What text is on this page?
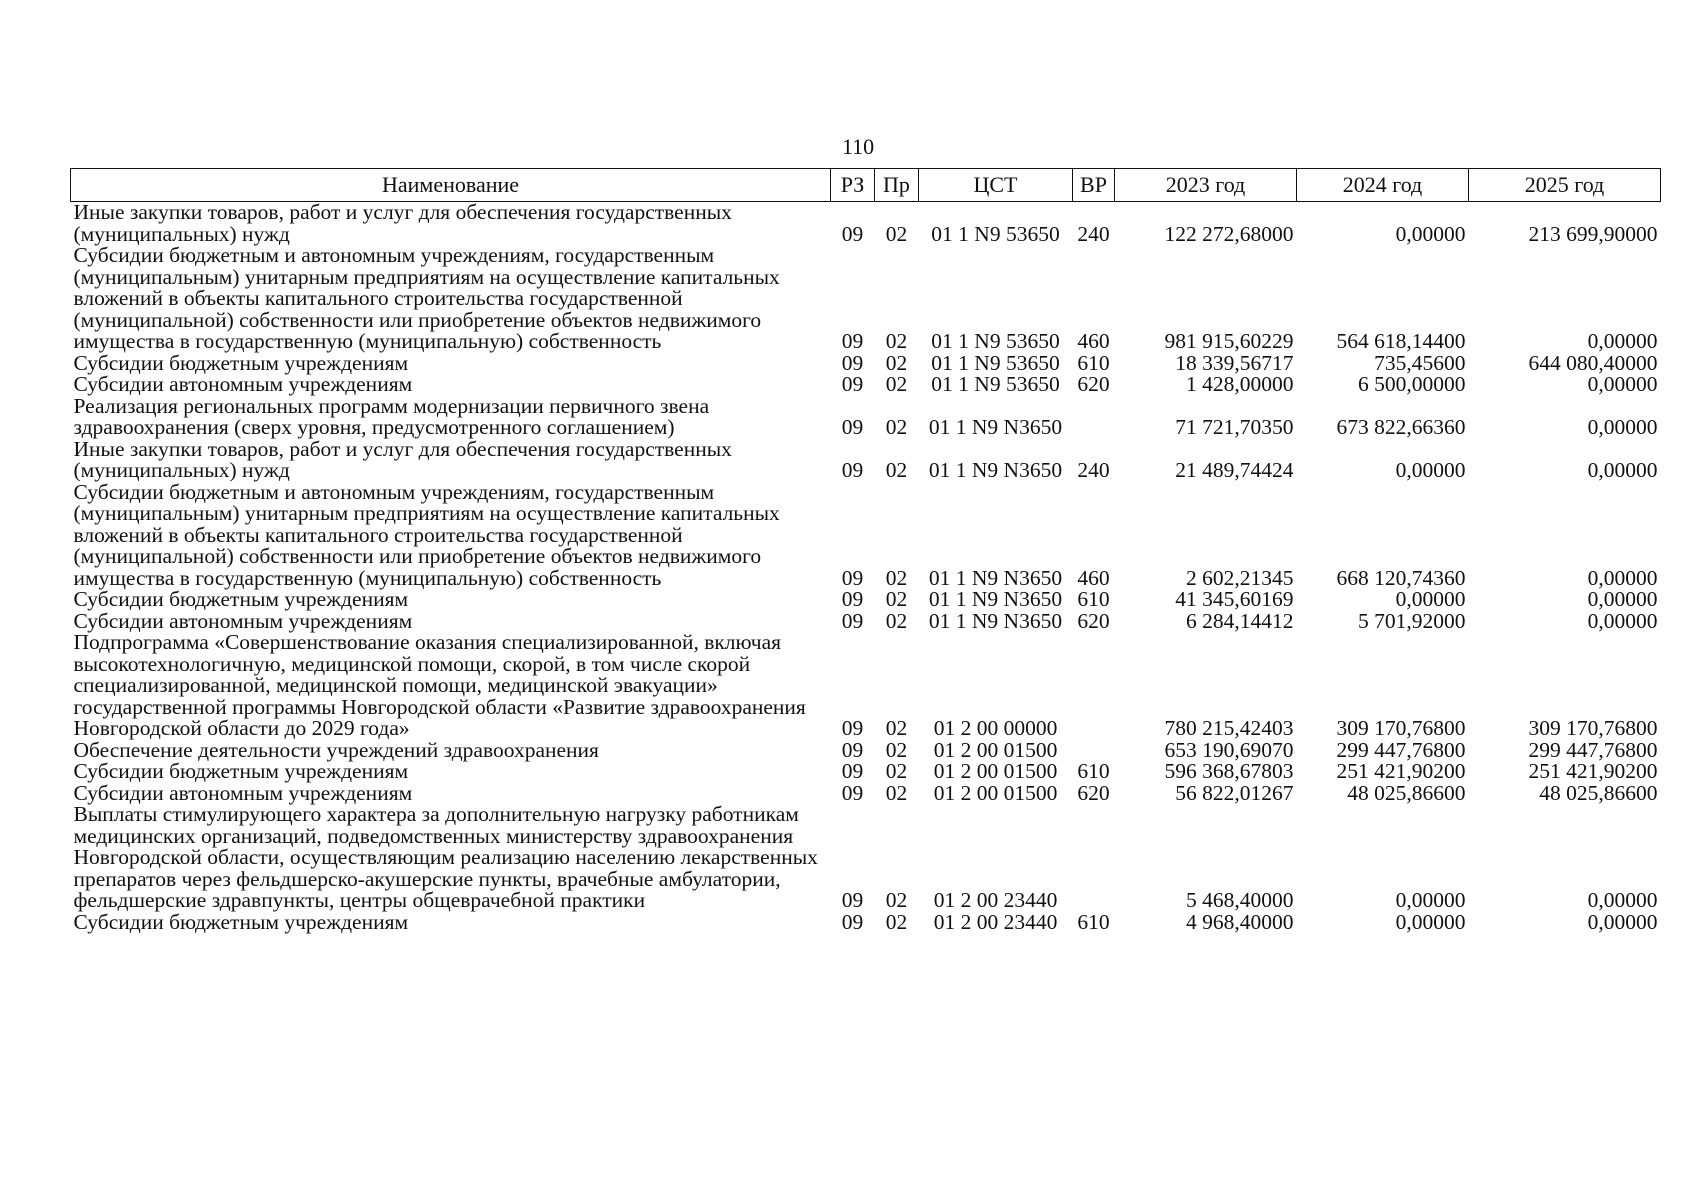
110
Наименование	РЗ	Пр	ЦСТ	ВР	2023 год	2024 год	2025 год
Иные закупки товаров, работ и услуг для обеспечения государственных (муниципальных) нужд	09	02	01 1 N9 53650	240	122 272,68000	0,00000	213 699,90000
Субсидии бюджетным и автономным учреждениям, государственным (муниципальным) унитарным предприятиям на осуществление капитальных вложений в объекты капитального строительства государственной (муниципальной) собственности или приобретение объектов недвижимого имущества в государственную (муниципальную) собственность	09	02	01 1 N9 53650	460	981 915,60229	564 618,14400	0,00000
Субсидии бюджетным учреждениям	09	02	01 1 N9 53650	610	18 339,56717	735,45600	644 080,40000
Субсидии автономным учреждениям	09	02	01 1 N9 53650	620	1 428,00000	6 500,00000	0,00000
Реализация региональных программ модернизации первичного звена здравоохранения (сверх уровня, предусмотренного соглашением)	09	02	01 1 N9 N3650		71 721,70350	673 822,66360	0,00000
Иные закупки товаров, работ и услуг для обеспечения государственных (муниципальных) нужд	09	02	01 1 N9 N3650	240	21 489,74424	0,00000	0,00000
Субсидии бюджетным и автономным учреждениям, государственным (муниципальным) унитарным предприятиям на осуществление капитальных вложений в объекты капитального строительства государственной (муниципальной) собственности или приобретение объектов недвижимого имущества в государственную (муниципальную) собственность	09	02	01 1 N9 N3650	460	2 602,21345	668 120,74360	0,00000
Субсидии бюджетным учреждениям	09	02	01 1 N9 N3650	610	41 345,60169	0,00000	0,00000
Субсидии автономным учреждениям	09	02	01 1 N9 N3650	620	6 284,14412	5 701,92000	0,00000
Подпрограмма «Совершенствование оказания специализированной, включая высокотехнологичную, медицинской помощи, скорой, в том числе скорой специализированной, медицинской помощи, медицинской эвакуации» государственной программы Новгородской области «Развитие здравоохранения Новгородской области до 2029 года»	09	02	01 2 00 00000		780 215,42403	309 170,76800	309 170,76800
Обеспечение деятельности учреждений здравоохранения	09	02	01 2 00 01500		653 190,69070	299 447,76800	299 447,76800
Субсидии бюджетным учреждениям	09	02	01 2 00 01500	610	596 368,67803	251 421,90200	251 421,90200
Субсидии автономным учреждениям	09	02	01 2 00 01500	620	56 822,01267	48 025,86600	48 025,86600
Выплаты стимулирующего характера за дополнительную нагрузку работникам медицинских организаций, подведомственных министерству здравоохранения Новгородской области, осуществляющим реализацию населению лекарственных препаратов через фельдшерско-акушерские пункты, врачебные амбулатории, фельдшерские здравпункты, центры общеврачебной практики	09	02	01 2 00 23440		5 468,40000	0,00000	0,00000
Субсидии бюджетным учреждениям	09	02	01 2 00 23440	610	4 968,40000	0,00000	0,00000
